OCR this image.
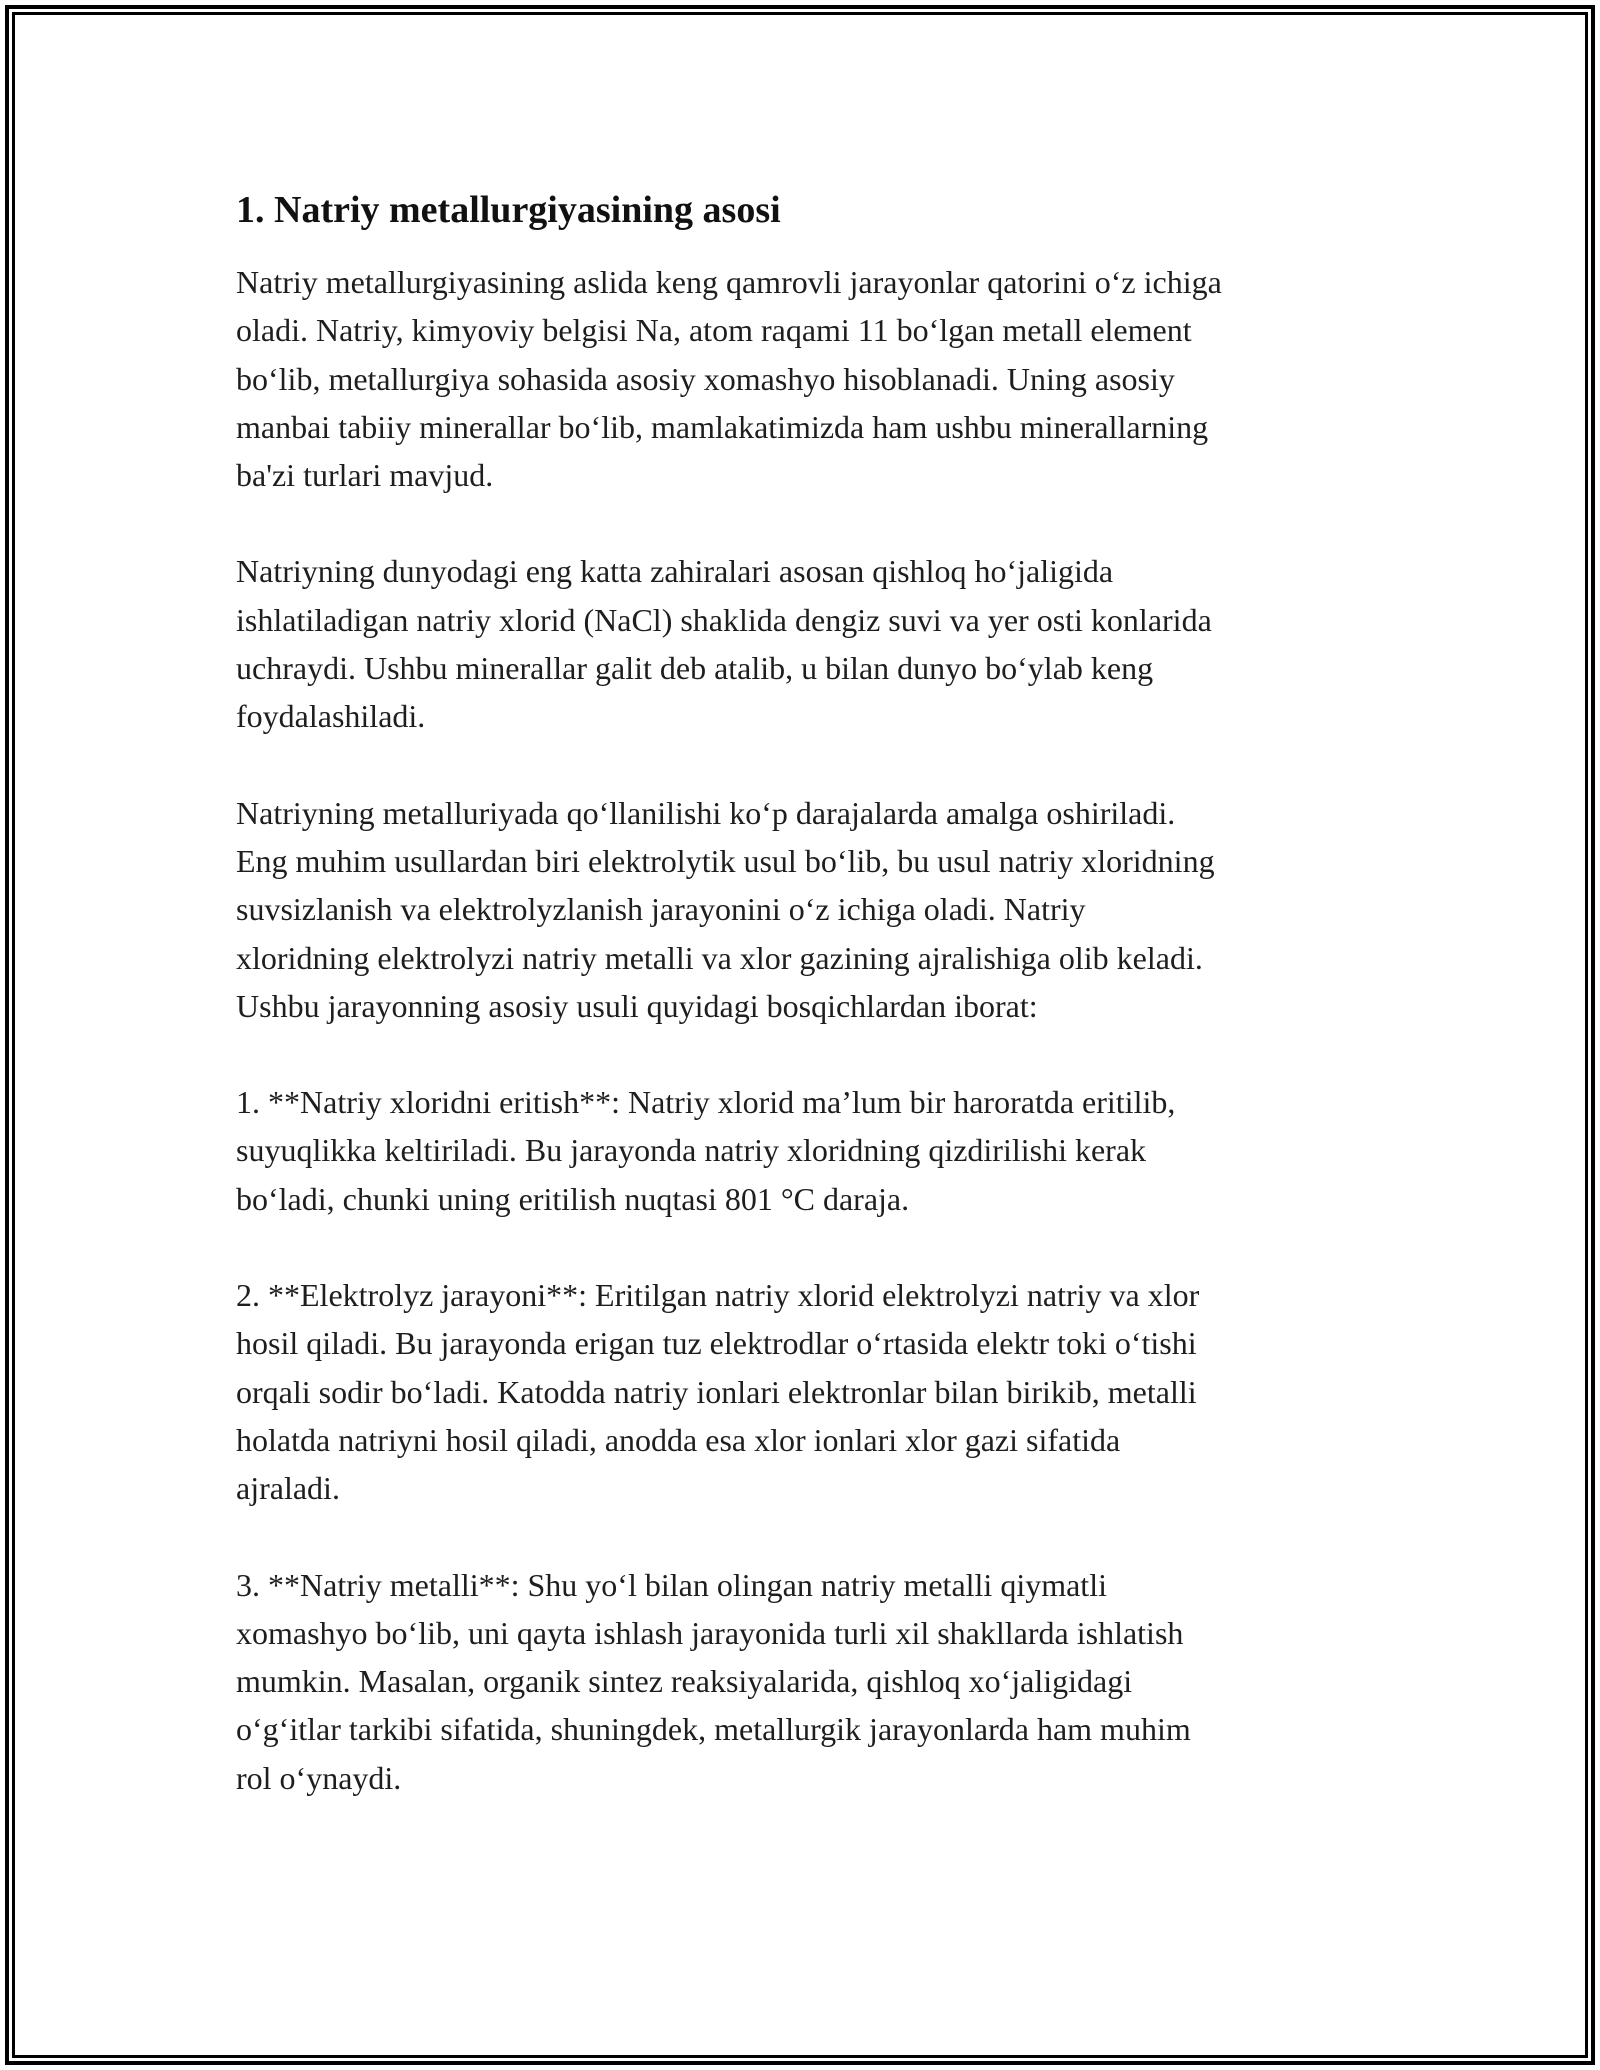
1. Natriy metallurgiyasining asosi

Natriy metallurgiyasining aslida keng qamrovli jarayonlar qatorini o‘z ichiga
oladi. Natriy, kimyoviy belgisi Na, atom raqami 11 bo‘lgan metall element
bo‘lib, metallurgiya sohasida asosiy xomashyo hisoblanadi. Uning asosiy
manbai tabiiy minerallar bo‘lib, mamlakatimizda ham ushbu minerallarning
ba'zi turlari mavjud.

Natriyning dunyodagi eng katta zahiralari asosan qishloq ho‘jaligida
ishlatiladigan natriy xlorid (NaCl) shaklida dengiz suvi va yer osti konlarida
uchraydi. Ushbu minerallar galit deb atalib, u bilan dunyo bo‘ylab keng
foydalashiladi.

Natriyning metalluriyada qo‘llanilishi ko‘p darajalarda amalga oshiriladi.
Eng muhim usullardan biri elektrolytik usul bo‘lib, bu usul natriy xloridning
suvsizlanish va elektrolyzlanish jarayonini o‘z ichiga oladi. Natriy
xloridning elektrolyzi natriy metalli va xlor gazining ajralishiga olib keladi.
Ushbu jarayonning asosiy usuli quyidagi bosqichlardan iborat:

1. **Natriy xloridni eritish**: Natriy xlorid ma’lum bir haroratda eritilib,
suyuqlikka keltiriladi. Bu jarayonda natriy xloridning qizdirilishi kerak
bo‘ladi, chunki uning eritilish nuqtasi 801 °C daraja.

2. **Elektrolyz jarayoni**: Eritilgan natriy xlorid elektrolyzi natriy va xlor
hosil qiladi. Bu jarayonda erigan tuz elektrodlar o‘rtasida elektr toki o‘tishi
orqali sodir bo‘ladi. Katodda natriy ionlari elektronlar bilan birikib, metalli
holatda natriyni hosil qiladi, anodda esa xlor ionlari xlor gazi sifatida
ajraladi.

3. **Natriy metalli**: Shu yo‘l bilan olingan natriy metalli qiymatli
xomashyo bo‘lib, uni qayta ishlash jarayonida turli xil shakllarda ishlatish
mumkin. Masalan, organik sintez reaksiyalarida, qishloq xo‘jaligidagi
o‘g‘itlar tarkibi sifatida, shuningdek, metallurgik jarayonlarda ham muhim
rol o‘ynaydi.
